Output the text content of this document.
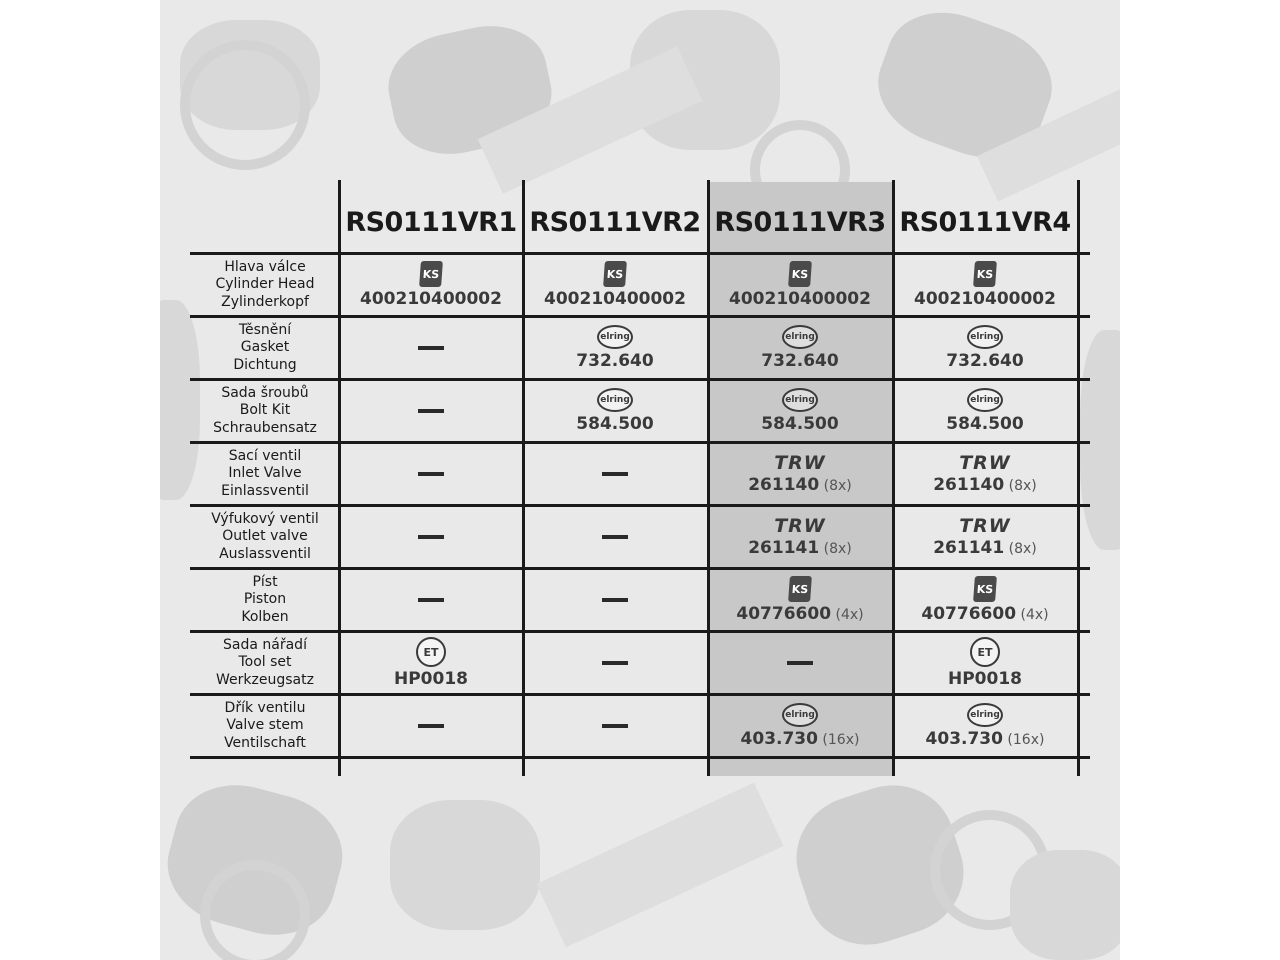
RS0111VR1 RS0111VR2 RS0111VR3 RS0111VR4
Hlava válce
Cylinder Head
Zylinderkopf
Těsnění
Gasket
Dichtung
Sada šroubů
Bolt Kit
Schraubensatz
Sací ventil
Inlet Valve
Einlassventil
Výfukový ventil
Outlet valve
Auslassventil
Píst
Piston
Kolben
Sada nářadí
Tool set
Werkzeugsatz
Dřík ventilu
Valve stem
Ventilschaft
KS
400210400002
KS
400210400002
KS
400210400002
KS
400210400002
elring
732.640
elring
732.640
elring
732.640
elring
584.500
elring
584.500
elring
584.500
TRW
261140 (8x)
TRW
261140 (8x)
TRW
261141 (8x)
TRW
261141 (8x)
KS
40776600 (4x)
KS
40776600 (4x)
ET
HP0018
ET
HP0018
elring
403.730 (16x)
elring
403.730 (16x)
